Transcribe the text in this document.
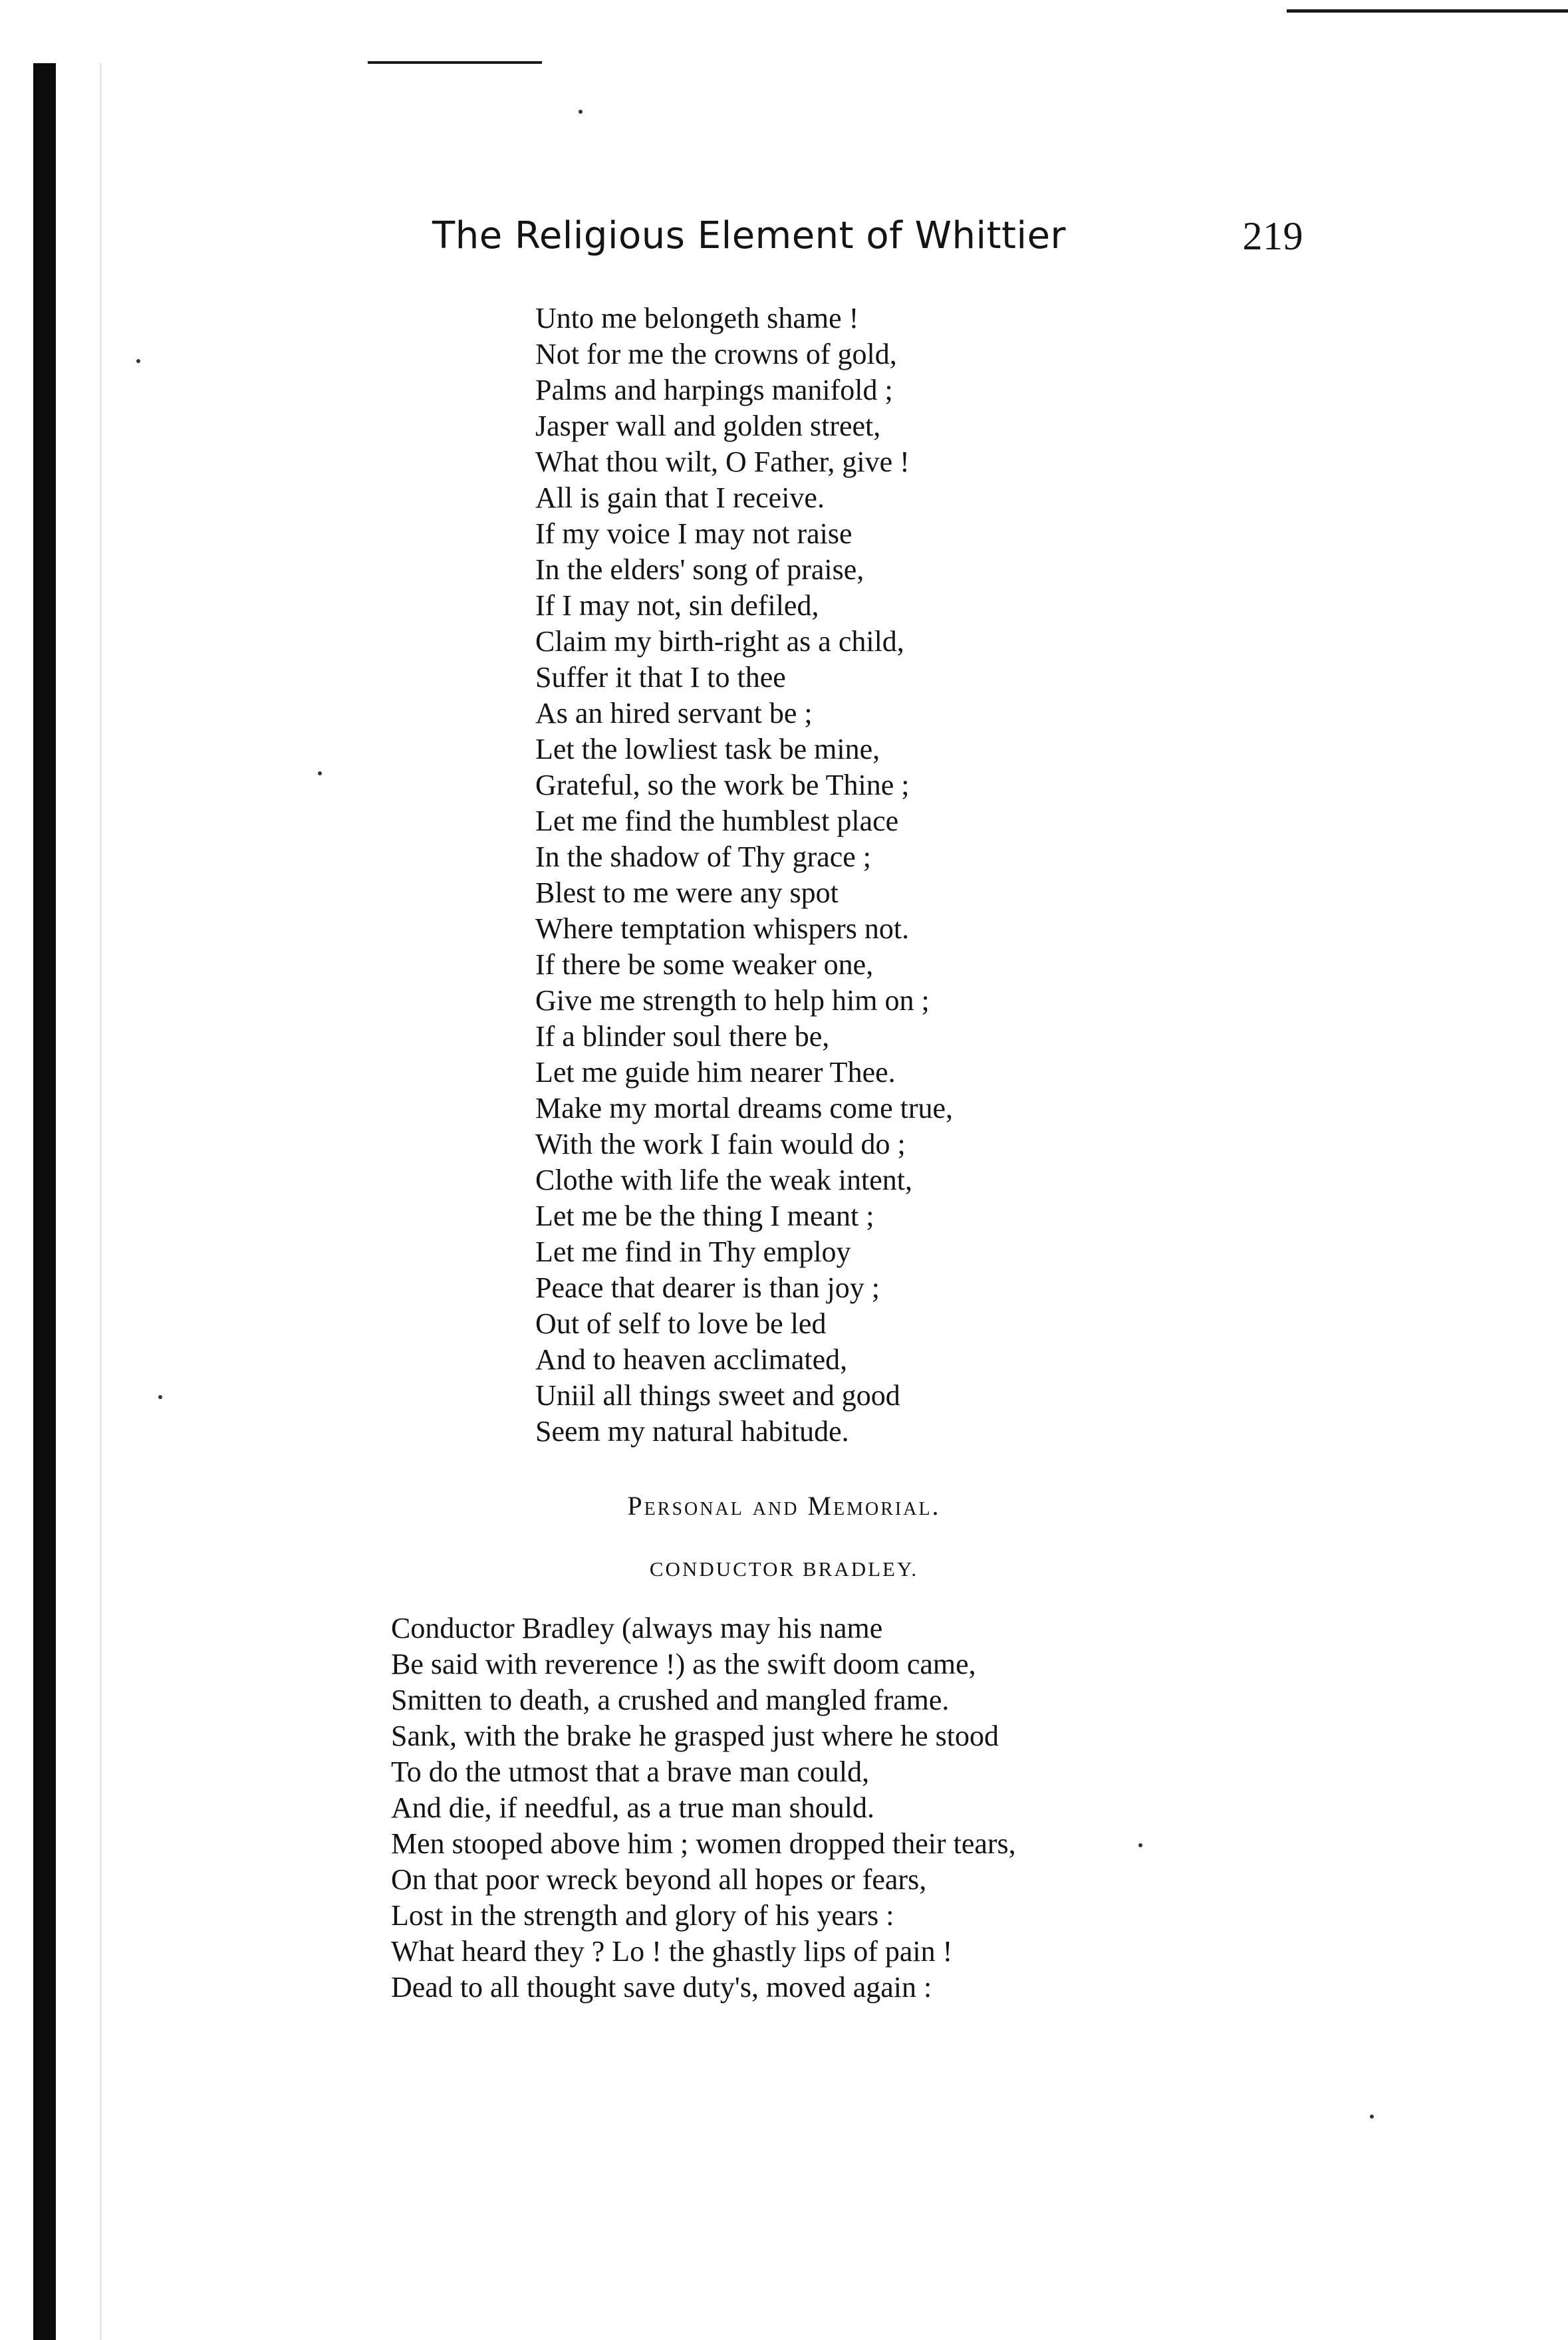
The Religious Element of Whittier	219
Unto me belongeth shame !
Not for me the crowns of gold,
Palms and harpings manifold ;
Jasper wall and golden street,
What thou wilt, O Father, give !
All is gain that I receive.
If my voice I may not raise
In the elders' song of praise,
If I may not, sin defiled,
Claim my birth-right as a child,
Suffer it that I to thee
As an hired servant be ;
Let the lowliest task be mine,
Grateful, so the work be Thine ;
Let me find the humblest place
In the shadow of Thy grace ;
Blest to me were any spot
Where temptation whispers not.
If there be some weaker one,
Give me strength to help him on ;
If a blinder soul there be,
Let me guide him nearer Thee.
Make my mortal dreams come true,
With the work I fain would do ;
Clothe with life the weak intent,
Let me be the thing I meant ;
Let me find in Thy employ
Peace that dearer is than joy ;
Out of self to love be led
And to heaven acclimated,
Uniil all things sweet and good
Seem my natural habitude.
Personal and Memorial.
CONDUCTOR BRADLEY.
Conductor Bradley (always may his name
Be said with reverence !) as the swift doom came,
Smitten to death, a crushed and mangled frame.
Sank, with the brake he grasped just where he stood
To do the utmost that a brave man could,
And die, if needful, as a true man should.
Men stooped above him ; women dropped their tears,
On that poor wreck beyond all hopes or fears,
Lost in the strength and glory of his years :
What heard they ? Lo ! the ghastly lips of pain !
Dead to all thought save duty's, moved again :
